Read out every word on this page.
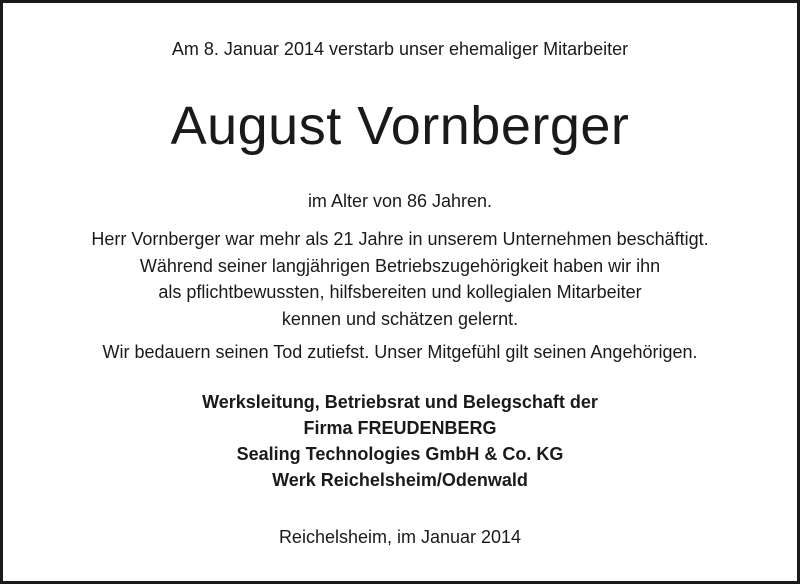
Am 8. Januar 2014 verstarb unser ehemaliger Mitarbeiter
August Vornberger
im Alter von 86 Jahren.
Herr Vornberger war mehr als 21 Jahre in unserem Unternehmen beschäftigt.
Während seiner langjährigen Betriebszugehörigkeit haben wir ihn
als pflichtbewussten, hilfsbereiten und kollegialen Mitarbeiter
kennen und schätzen gelernt.
Wir bedauern seinen Tod zutiefst. Unser Mitgefühl gilt seinen Angehörigen.
Werksleitung, Betriebsrat und Belegschaft der
Firma FREUDENBERG
Sealing Technologies GmbH & Co. KG
Werk Reichelsheim/Odenwald
Reichelsheim, im Januar 2014
